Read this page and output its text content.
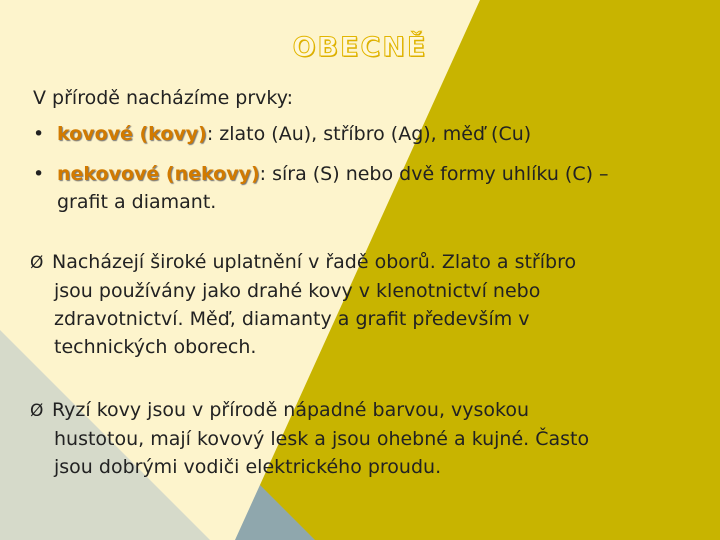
OBECNĚ
V přírodě nacházíme prvky:
• kovové (kovy): zlato (Au), stříbro (Ag), měď (Cu)
• nekovové (nekovy): síra (S) nebo dvě formy uhlíku (C) –
grafit a diamant.
Ø Nacházejí široké uplatnění v řadě oborů. Zlato a stříbro
jsou používány jako drahé kovy v klenotnictví nebo
zdravotnictví. Měď, diamanty a grafit především v
technických oborech.
Ø Ryzí kovy jsou v přírodě nápadné barvou, vysokou
hustotou, mají kovový lesk a jsou ohebné a kujné. Často
jsou dobrými vodiči elektrického proudu.
